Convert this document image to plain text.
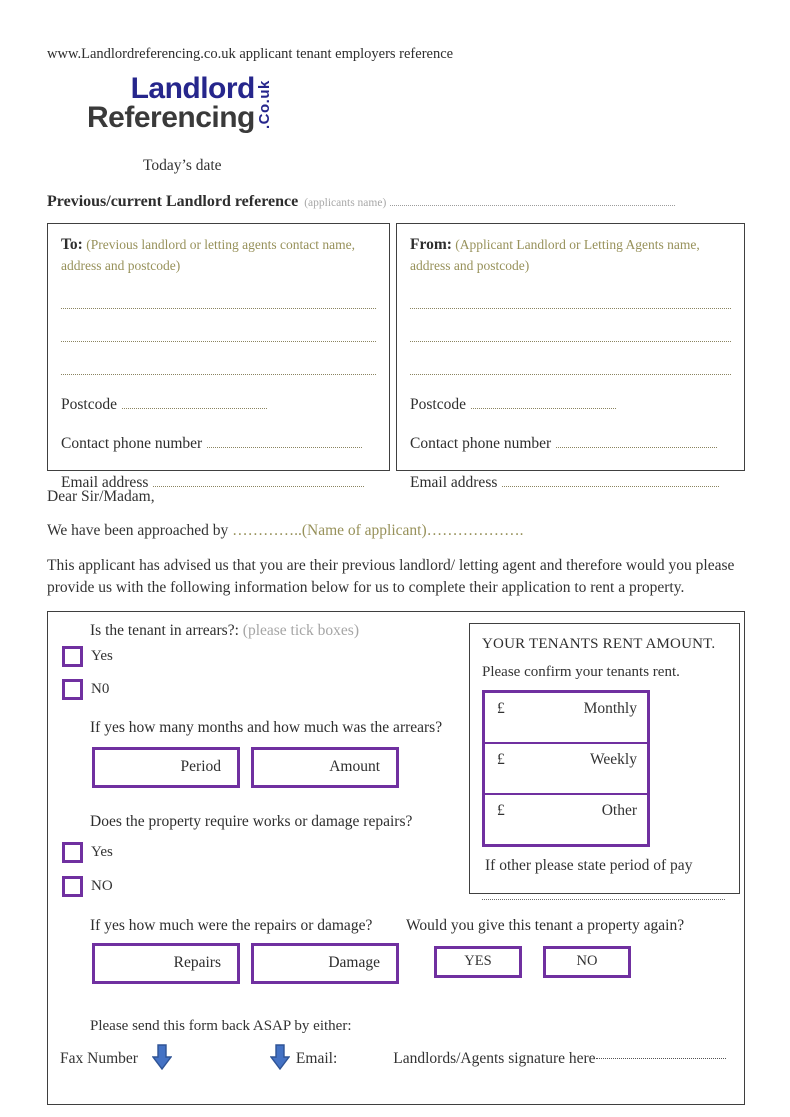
www.Landlordreferencing.co.uk applicant tenant employers reference
Landlord
Referencing .Co.uk
Today’s date
Previous/current Landlord reference (applicants name)
To: (Previous landlord or letting agents contact name, address and postcode)
Postcode
Contact phone number
Email address
From: (Applicant Landlord or Letting Agents name, address and postcode)
Postcode
Contact phone number
Email address
Dear Sir/Madam,
We have been approached by …………..(Name of applicant)……………….
This applicant has advised us that you are their previous landlord/ letting agent and therefore would you please provide us with the following information below for us to complete their application to rent a property.
Is the tenant in arrears?: (please tick boxes)
Yes
N0
If yes how many months and how much was the arrears?
Period	Amount
Does the property require works or damage repairs?
Yes
NO
If yes how much were the repairs or damage? Would you give this tenant a property again?
Repairs	Damage	YES	NO
Please send this form back ASAP by either:
Fax Number	Email:	Landlords/Agents signature here
YOUR TENANTS RENT AMOUNT.
Please confirm your tenants rent.
£	Monthly
£	Weekly
£	Other
If other please state period of pay
